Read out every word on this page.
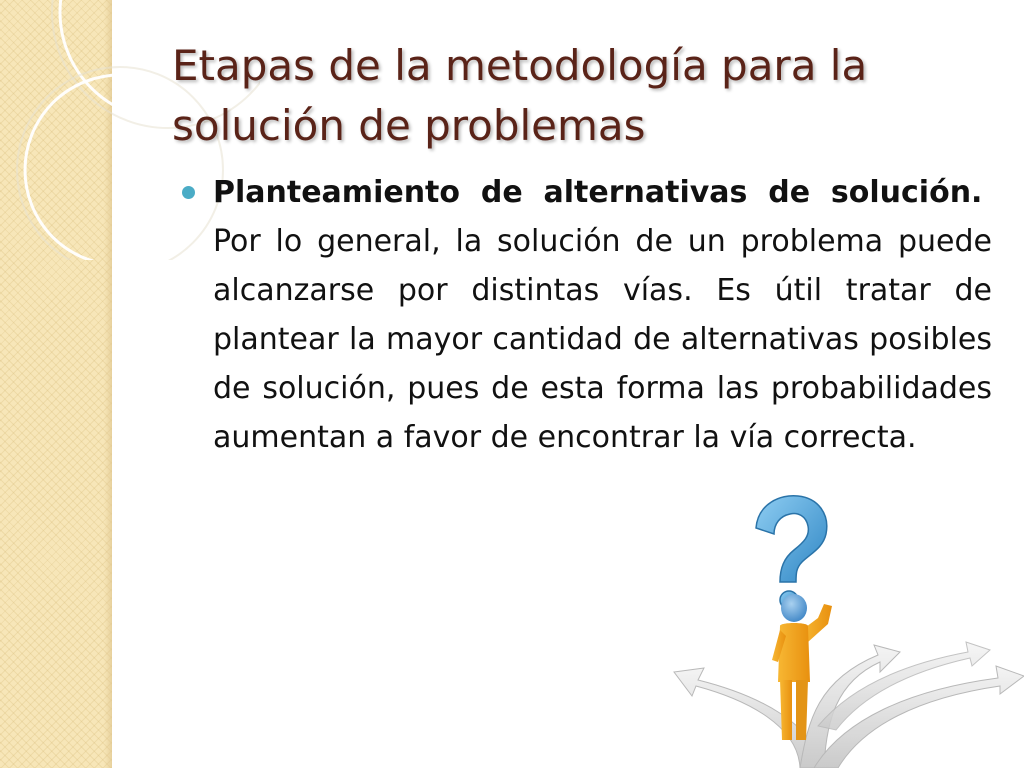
Etapas de la metodología para la
solución de problemas

Planteamiento de alternativas de solución.  Por lo general, la solución de un problema puede alcanzarse por distintas vías. Es útil tratar de plantear la mayor cantidad de alternativas posibles de solución, pues de esta forma las probabilidades aumentan a favor de encontrar la vía correcta.
